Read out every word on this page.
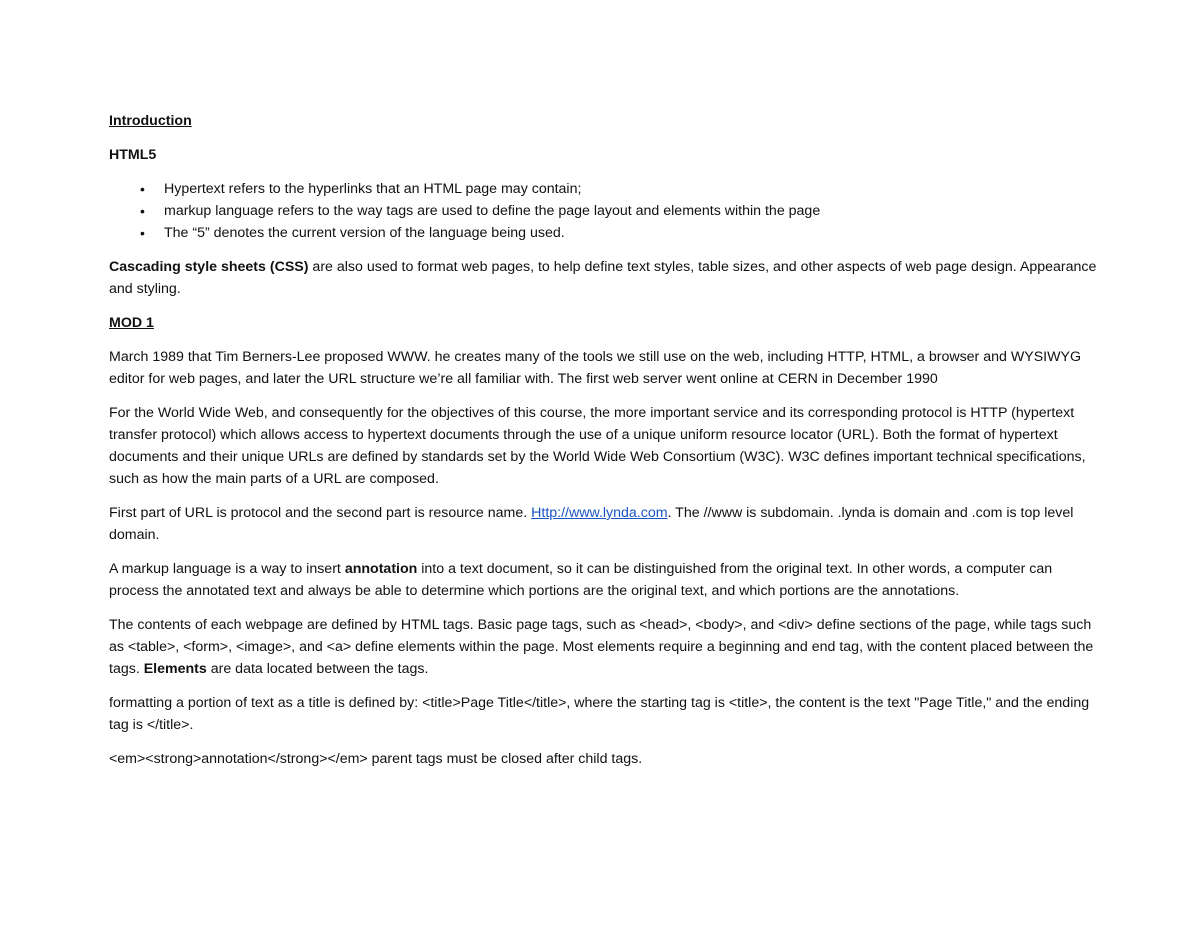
Introduction
HTML5
• Hypertext refers to the hyperlinks that an HTML page may contain;
• markup language refers to the way tags are used to define the page layout and elements within the page
• The “5” denotes the current version of the language being used.

Cascading style sheets (CSS) are also used to format web pages, to help define text styles, table sizes, and other aspects of web page design. Appearance and styling.

MOD 1

March 1989 that Tim Berners-Lee proposed WWW. he creates many of the tools we still use on the web, including HTTP, HTML, a browser and WYSIWYG editor for web pages, and later the URL structure we’re all familiar with. The first web server went online at CERN in December 1990

For the World Wide Web, and consequently for the objectives of this course, the more important service and its corresponding protocol is HTTP (hypertext transfer protocol) which allows access to hypertext documents through the use of a unique uniform resource locator (URL). Both the format of hypertext documents and their unique URLs are defined by standards set by the World Wide Web Consortium (W3C). W3C defines important technical specifications, such as how the main parts of a URL are composed.

First part of URL is protocol and the second part is resource name. Http://www.lynda.com. The //www is subdomain. .lynda is domain and .com is top level domain.

A markup language is a way to insert annotation into a text document, so it can be distinguished from the original text. In other words, a computer can process the annotated text and always be able to determine which portions are the original text, and which portions are the annotations.

The contents of each webpage are defined by HTML tags. Basic page tags, such as <head>, <body>, and <div> define sections of the page, while tags such as <table>, <form>, <image>, and <a> define elements within the page. Most elements require a beginning and end tag, with the content placed between the tags. Elements are data located between the tags.

formatting a portion of text as a title is defined by: <title>Page Title</title>, where the starting tag is <title>, the content is the text "Page Title," and the ending tag is </title>.

<em><strong>annotation</strong></em> parent tags must be closed after child tags.
